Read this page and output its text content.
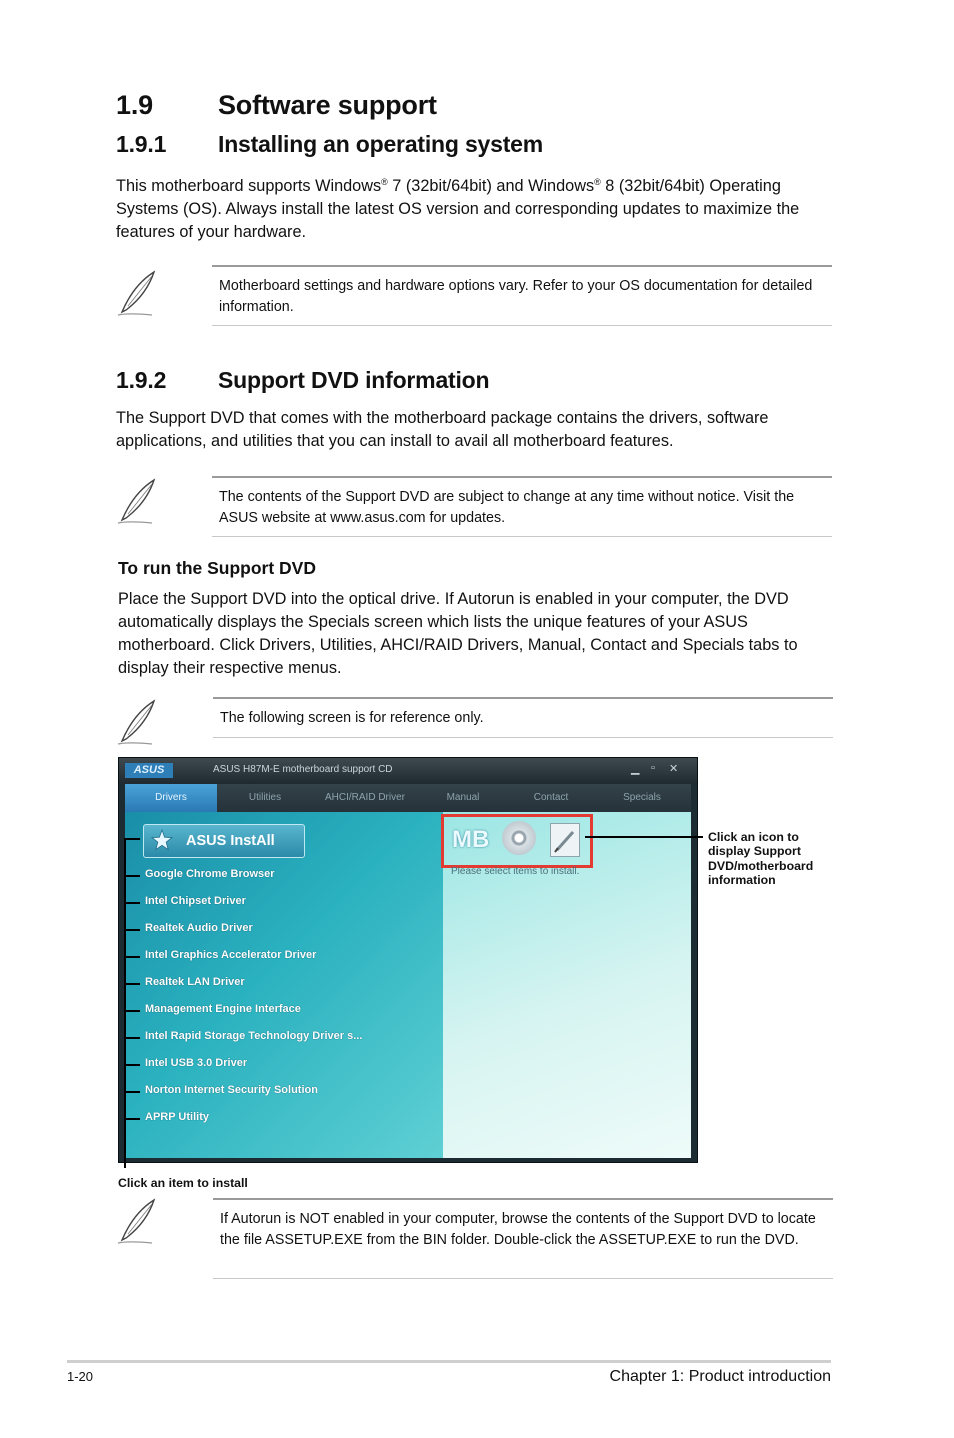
1.9 Software support
1.9.1 Installing an operating system
This motherboard supports Windows® 7 (32bit/64bit) and Windows® 8 (32bit/64bit) Operating Systems (OS). Always install the latest OS version and corresponding updates to maximize the features of your hardware.
Motherboard settings and hardware options vary. Refer to your OS documentation for detailed information.
1.9.2 Support DVD information
The Support DVD that comes with the motherboard package contains the drivers, software applications, and utilities that you can install to avail all motherboard features.
The contents of the Support DVD are subject to change at any time without notice. Visit the ASUS website at www.asus.com for updates.
To run the Support DVD
Place the Support DVD into the optical drive. If Autorun is enabled in your computer, the DVD automatically displays the Specials screen which lists the unique features of your ASUS motherboard. Click Drivers, Utilities, AHCI/RAID Drivers, Manual, Contact and Specials tabs to display their respective menus.
The following screen is for reference only.
ASUS	ASUS H87M-E motherboard support CD	▁ ▫ ✕
Drivers	Utilities	AHCI/RAID Driver	Manual	Contact	Specials
ASUS InstAll
Google Chrome Browser
Intel Chipset Driver
Realtek Audio Driver
Intel Graphics Accelerator Driver
Realtek LAN Driver
Management Engine Interface
Intel Rapid Storage Technology Driver s...
Intel USB 3.0 Driver
Norton Internet Security Solution
APRP Utility
MB
Please select items to install.
Click an icon to display Support DVD/motherboard information
Click an item to install
If Autorun is NOT enabled in your computer, browse the contents of the Support DVD to locate the file ASSETUP.EXE from the BIN folder. Double-click the ASSETUP.EXE to run the DVD.
1-20	Chapter 1: Product introduction
